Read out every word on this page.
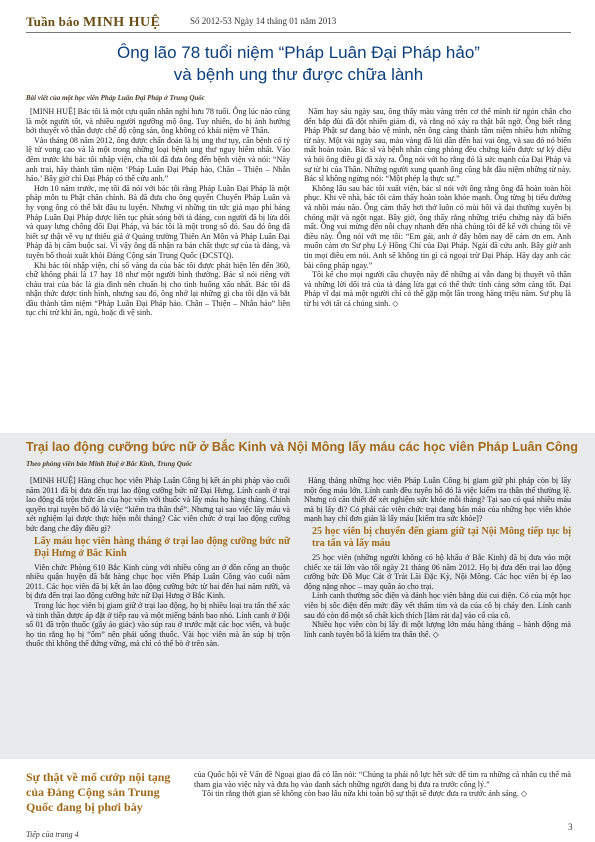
Tuần báo MINH HUỆ	Số 2012-53 Ngày 14 tháng 01 năm 2013
Ông lão 78 tuổi niệm “Pháp Luân Đại Pháp hảo”
và bệnh ung thư được chữa lành
Bài viết của một học viên Pháp Luân Đại Pháp ở Trung Quốc

[MINH HUỆ] Bác tôi là một cựu quân nhân nghỉ hưu 78 tuổi. Ông lúc nào cũng là một người tốt, và nhiều người ngưỡng mộ ông. Tuy nhiên, do bị ảnh hưởng bởi thuyết vô thần được chế độ cộng sản, ông không có khái niệm về Thần.

Vào tháng 08 năm 2012, ông được chẩn đoán là bị ung thư tụy, căn bệnh có tỷ lệ tử vong cao và là một trong những loại bệnh ung thư nguy hiểm nhất. Vào đêm trước khi bác tôi nhập viện, cha tôi đã đưa ông đến bệnh viện và nói: “Này anh trai, hãy thành tâm niệm ‘Pháp Luân Đại Pháp hảo, Chân – Thiện – Nhẫn hảo.’ Bây giờ chỉ Đại Pháp có thể cứu anh.”

Hơn 10 năm trước, mẹ tôi đã nói với bác tôi rằng Pháp Luân Đại Pháp là một pháp môn tu Phật chân chính. Bà đã đưa cho ông quyển Chuyển Pháp Luân và hy vọng ông có thể bắt đầu tu luyện. Nhưng vì những tin tức giả mạo phỉ báng Pháp Luân Đại Pháp được liên tục phát sóng bởi tà đảng, con người đã bị lừa dối và quay lưng chống đối Đại Pháp, và bác tôi là một trong số đó. Sau đó ông đã biết sự thật về vụ tự thiêu giả ở Quảng trường Thiên An Môn và Pháp Luân Đại Pháp đã bị cấm buộc sai. Vì vậy ông đã nhận ra bản chất thực sự của tà đảng, và tuyên bố thoái xuất khỏi Đảng Cộng sản Trung Quốc (ĐCSTQ).

Khi bác tôi nhập viện, chỉ số vàng da của bác tôi được phát hiện lên đến 360, chữ không phải là 17 hay 18 như một người bình thường. Bác sĩ nói riêng với cháu trai của bác là gia đình nên chuẩn bị cho tình huống xấu nhất. Bác tôi đã nhận thức được tình hình, nhưng sau đó, ông nhớ lại những gì cha tôi dặn và bắt đầu thành tâm niệm “Pháp Luân Đại Pháp hảo. Chân – Thiện – Nhẫn hảo” liên tục chỉ trừ khi ăn, ngủ, hoặc đi vệ sinh.

Năm hay sáu ngày sau, ông thấy màu vàng trên cơ thể mình từ ngón chân cho đến bắp đùi đã đột nhiên giảm đi, và rằng nó xảy ra thật bất ngờ. Ông biết rằng Pháp Phật sư đang bảo vệ mình, nên ông càng thành tâm niệm nhiều hơn những từ này. Một vài ngày sau, màu vàng đã lùi dần đến hai vai ông, và sau đó nó biến mất hoàn toàn. Bác sĩ và bệnh nhân cùng phòng đều chứng kiến được sự kỳ diệu và hỏi ông điều gì đã xảy ra. Ông nói với họ rằng đó là sức mạnh của Đại Pháp và sự từ bi của Thần. Những người xung quanh ông cũng bắt đầu niệm những từ này. Bác sĩ không ngừng nói: “Một phép lạ thực sự.”

Không lâu sau bác tôi xuất viện, bác sĩ nói với ông rằng ông đã hoàn toàn hồi phục. Khi về nhà, bác tôi cảm thấy hoàn toàn khỏe mạnh. Ông từng bị tiểu đường và nhồi máu não. Ông cảm thấy hơi thở luôn có mùi hôi và đại thường xuyên bị chóng mặt và ngột ngạt. Bây giờ, ông thấy rằng những triệu chứng này đã biến mất. Ông vui mừng đến nỗi chạy nhanh đến nhà chúng tôi để kể với chúng tôi về điều này. Ông nói với mẹ tôi: “Em gái, anh ở đây hôm nay để cảm ơn em. Anh muốn cảm ơn Sư phụ Lý Hồng Chí của Đại Pháp. Ngài đã cứu anh. Bây giờ anh tin mọi điều em nói. Anh sẽ không tin gì cả ngoại trừ Đại Pháp. Hãy dạy anh các bài công pháp ngay.”

Tôi kể cho mọi người câu chuyện này để những ai vẫn đang bị thuyết vô thần và những lời dối trá của tà đảng lừa gạt có thể thức tỉnh càng sớm càng tốt. Đại Pháp vĩ đại mà một người chỉ có thể gặp một lần trong hàng triệu năm. Sư phụ là từ bi với tất cả chúng sinh. ◇

Trại lao động cưỡng bức nữ ở Bắc Kinh và Nội Mông lấy máu các học viên Pháp Luân Công
Theo phóng viên báo Minh Huệ ở Bắc Kinh, Trung Quốc

[MINH HUỆ] Hàng chục học viên Pháp Luân Công bị kết án phi pháp vào cuối năm 2011 đã bị đưa đến trại lao động cưỡng bức nữ Đại Hưng. Lính canh ở trại lao động đã trộn thức ăn của học viên với thuốc và lấy máu họ hàng tháng. Chính quyền trại tuyên bố đó là việc “kiểm tra thân thể”. Nhưng tại sao việc lấy máu và xét nghiệm lại được thực hiện mỗi tháng? Các viên chức ở trại lao động cưỡng bức đang che đậy điều gì?

Lấy máu học viên hàng tháng ở trại lao động cưỡng bức nữ Đại Hưng ở Bắc Kinh

Viên chức Phòng 610 Bắc Kinh cùng với nhiều công an ở đồn công an thuộc nhiều quận huyện đã bắt hàng chục học viên Pháp Luân Công vào cuối năm 2011. Các học viên đã bị kết án lao động cưỡng bức từ hai đến hai năm rưỡi, và bị đưa đến trại lao động cưỡng bức nữ Đại Hưng ở Bắc Kinh.

Trong lúc học viên bị giam giữ ở trại lao động, họ bị nhiều loại tra tấn thể xác và tinh thần được áp đặt ở tiếp rau và một miếng bánh bao nhỏ. Lính canh ở Đội số 01 đã trộn thuốc (gây ảo giác) vào súp rau ở trước mặt các học viên, và buộc họ tin rằng họ bị “ốm” nên phải uống thuốc. Vài học viên mà ăn súp bị trộn thuốc thì không thể đứng vững, mà chỉ có thể bò ở trên sàn.

Hàng tháng những học viên Pháp Luân Công bị giam giữ phi pháp còn bị lấy một ống máu lớn. Lính canh đều tuyên bố đó là việc kiểm tra thân thể thường lệ. Nhưng có cần thiết để xét nghiệm sức khỏe mỗi tháng? Tại sao có quá nhiều máu mà bị lấy đi? Có phải các viên chức trại đang bán máu của những học viên khỏe mạnh hay chỉ đơn giản là lấy máu [kiểm tra sức khỏe]?

25 học viên bị chuyển đến giam giữ tại Nội Mông tiếp tục bị tra tấn và lấy máu

25 học viên (những người không có hộ khẩu ở Bắc Kinh) đã bị đưa vào một chiếc xe tải lớn vào tối ngày 21 tháng 06 năm 2012. Họ bị đưa đến trại lao động cưỡng bức Đồ Mục Cát ở Trát Lãi Đặc Kỳ, Nội Mông. Các học viên bị ép lao động nặng nhọc – may quần áo cho trại.

Lính canh thường sốc điện và đánh học viên bằng dùi cui điện. Có của một học viên bị sốc điện đến mức đầy vết thâm tím và da của cô bị cháy đen. Lính canh sau đó còn đổ một số chất kích thích [làm rát da] vào cổ của cô.

Nhiều học viên còn bị lấy đi một lượng lớn máu hàng tháng – hành động mà lính canh tuyên bố là kiểm tra thân thể. ◇

Sự thật về mổ cướp nội tạng của Đảng Cộng sản Trung Quốc đang bị phơi bày
Tiếp của trang 4

của Quốc hội về Vấn đề Ngoại giao đã có lần nói: “Chúng ta phải nỗ lực hết sức để tìm ra những cá nhân cụ thể mà tham gia vào việc này và đưa họ vào danh sách những người đang bị đưa ra trước công lý.”

Tôi tin rằng thời gian sẽ không còn bao lâu nữa khi toàn bộ sự thật sẽ được đưa ra trước ánh sáng. ◇

3
